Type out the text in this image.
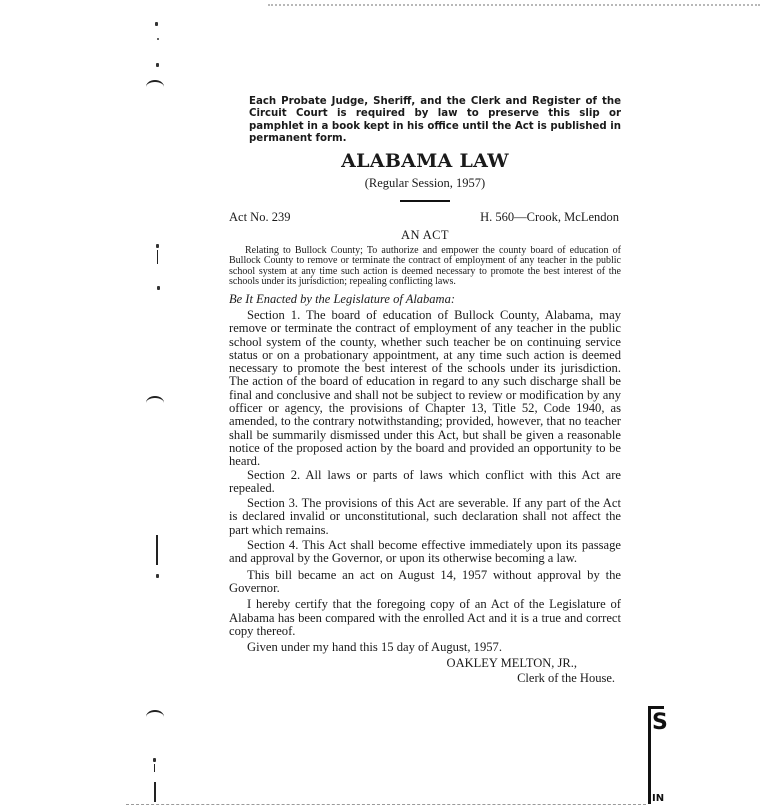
S
IN
Each Probate Judge, Sheriff, and the Clerk and Register of the Circuit Court is required by law to preserve this slip or pamphlet in a book kept in his office until the Act is published in permanent form.
ALABAMA LAW
(Regular Session, 1957)
Act No. 239	H. 560—Crook, McLendon
AN ACT
Relating to Bullock County; To authorize and empower the county board of education of Bullock County to remove or terminate the contract of employment of any teacher in the public school system at any time such action is deemed necessary to promote the best interest of the schools under its jurisdiction; repealing conflicting laws.
Be It Enacted by the Legislature of Alabama:

Section 1. The board of education of Bullock County, Alabama, may remove or terminate the contract of employment of any teacher in the public school system of the county, whether such teacher be on continuing service status or on a probationary appointment, at any time such action is deemed necessary to promote the best interest of the schools under its jurisdiction. The action of the board of education in regard to any such discharge shall be final and conclusive and shall not be subject to review or modification by any officer or agency, the provisions of Chapter 13, Title 52, Code 1940, as amended, to the contrary notwithstanding; provided, however, that no teacher shall be summarily dismissed under this Act, but shall be given a reasonable notice of the proposed action by the board and provided an opportunity to be heard.

Section 2. All laws or parts of laws which conflict with this Act are repealed.

Section 3. The provisions of this Act are severable. If any part of the Act is declared invalid or unconstitutional, such declaration shall not affect the part which remains.

Section 4. This Act shall become effective immediately upon its passage and approval by the Governor, or upon its otherwise becoming a law.

This bill became an act on August 14, 1957 without approval by the Governor.

I hereby certify that the foregoing copy of an Act of the Legislature of Alabama has been compared with the enrolled Act and it is a true and correct copy thereof.

Given under my hand this 15 day of August, 1957.

OAKLEY MELTON, JR.,
Clerk of the House.
